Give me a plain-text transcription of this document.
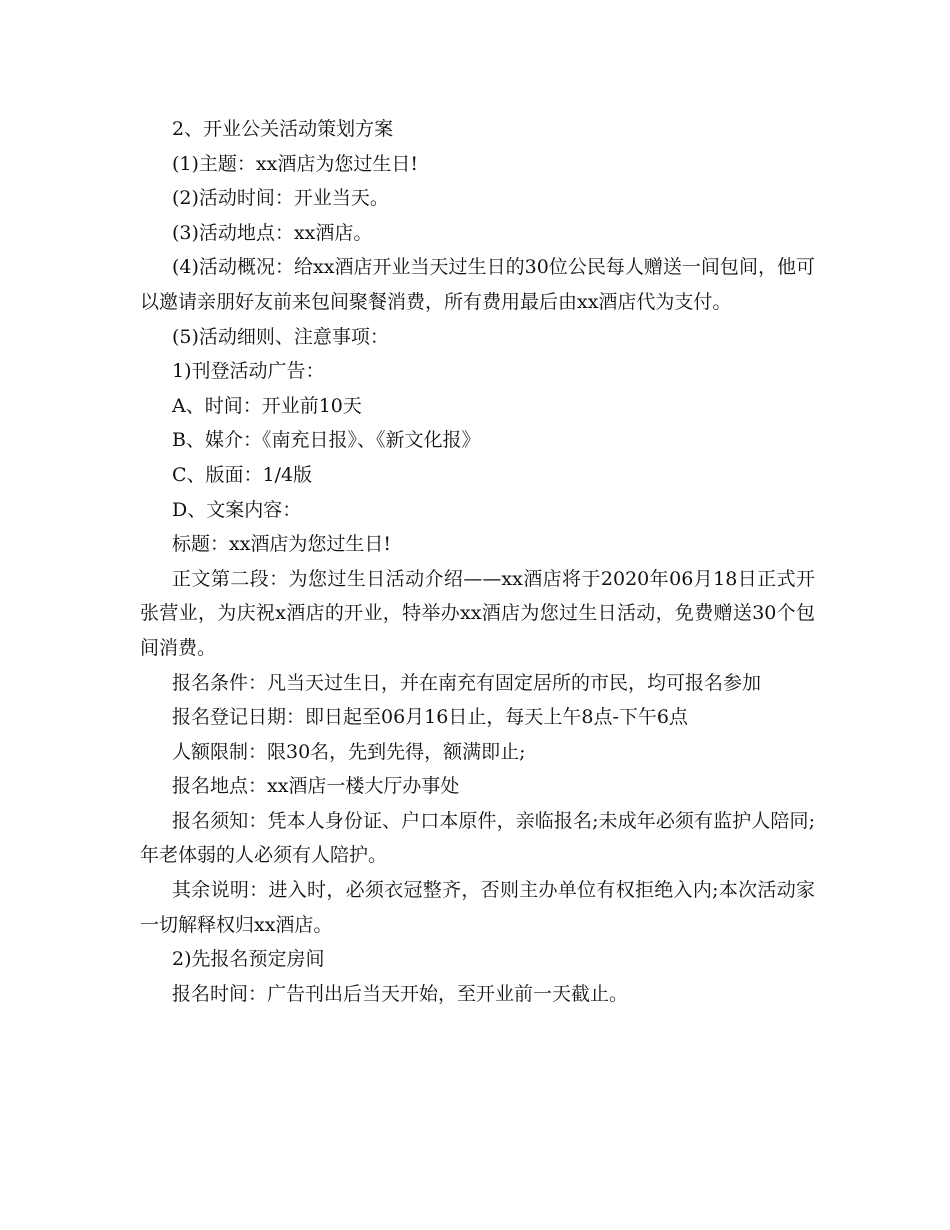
2、开业公关活动策划方案

(1)主题：xx酒店为您过生日!

(2)活动时间：开业当天。

(3)活动地点：xx酒店。

(4)活动概况：给xx酒店开业当天过生日的30位公民每人赠送一间包间，他可以邀请亲朋好友前来包间聚餐消费，所有费用最后由xx酒店代为支付。

(5)活动细则、注意事项：

1)刊登活动广告：

A、时间：开业前10天

B、媒介：《南充日报》、《新文化报》

C、版面：1/4版

D、文案内容：

标题：xx酒店为您过生日!

正文第二段：为您过生日活动介绍——xx酒店将于2020年06月18日正式开张营业，为庆祝x酒店的开业，特举办xx酒店为您过生日活动，免费赠送30个包间消费。

报名条件：凡当天过生日，并在南充有固定居所的市民，均可报名参加

报名登记日期：即日起至06月16日止，每天上午8点-下午6点

人额限制：限30名，先到先得，额满即止;

报名地点：xx酒店一楼大厅办事处

报名须知：凭本人身份证、户口本原件，亲临报名;未成年必须有监护人陪同;年老体弱的人必须有人陪护。

其余说明：进入时，必须衣冠整齐，否则主办单位有权拒绝入内;本次活动家一切解释权归xx酒店。

2)先报名预定房间

报名时间：广告刊出后当天开始，至开业前一天截止。
